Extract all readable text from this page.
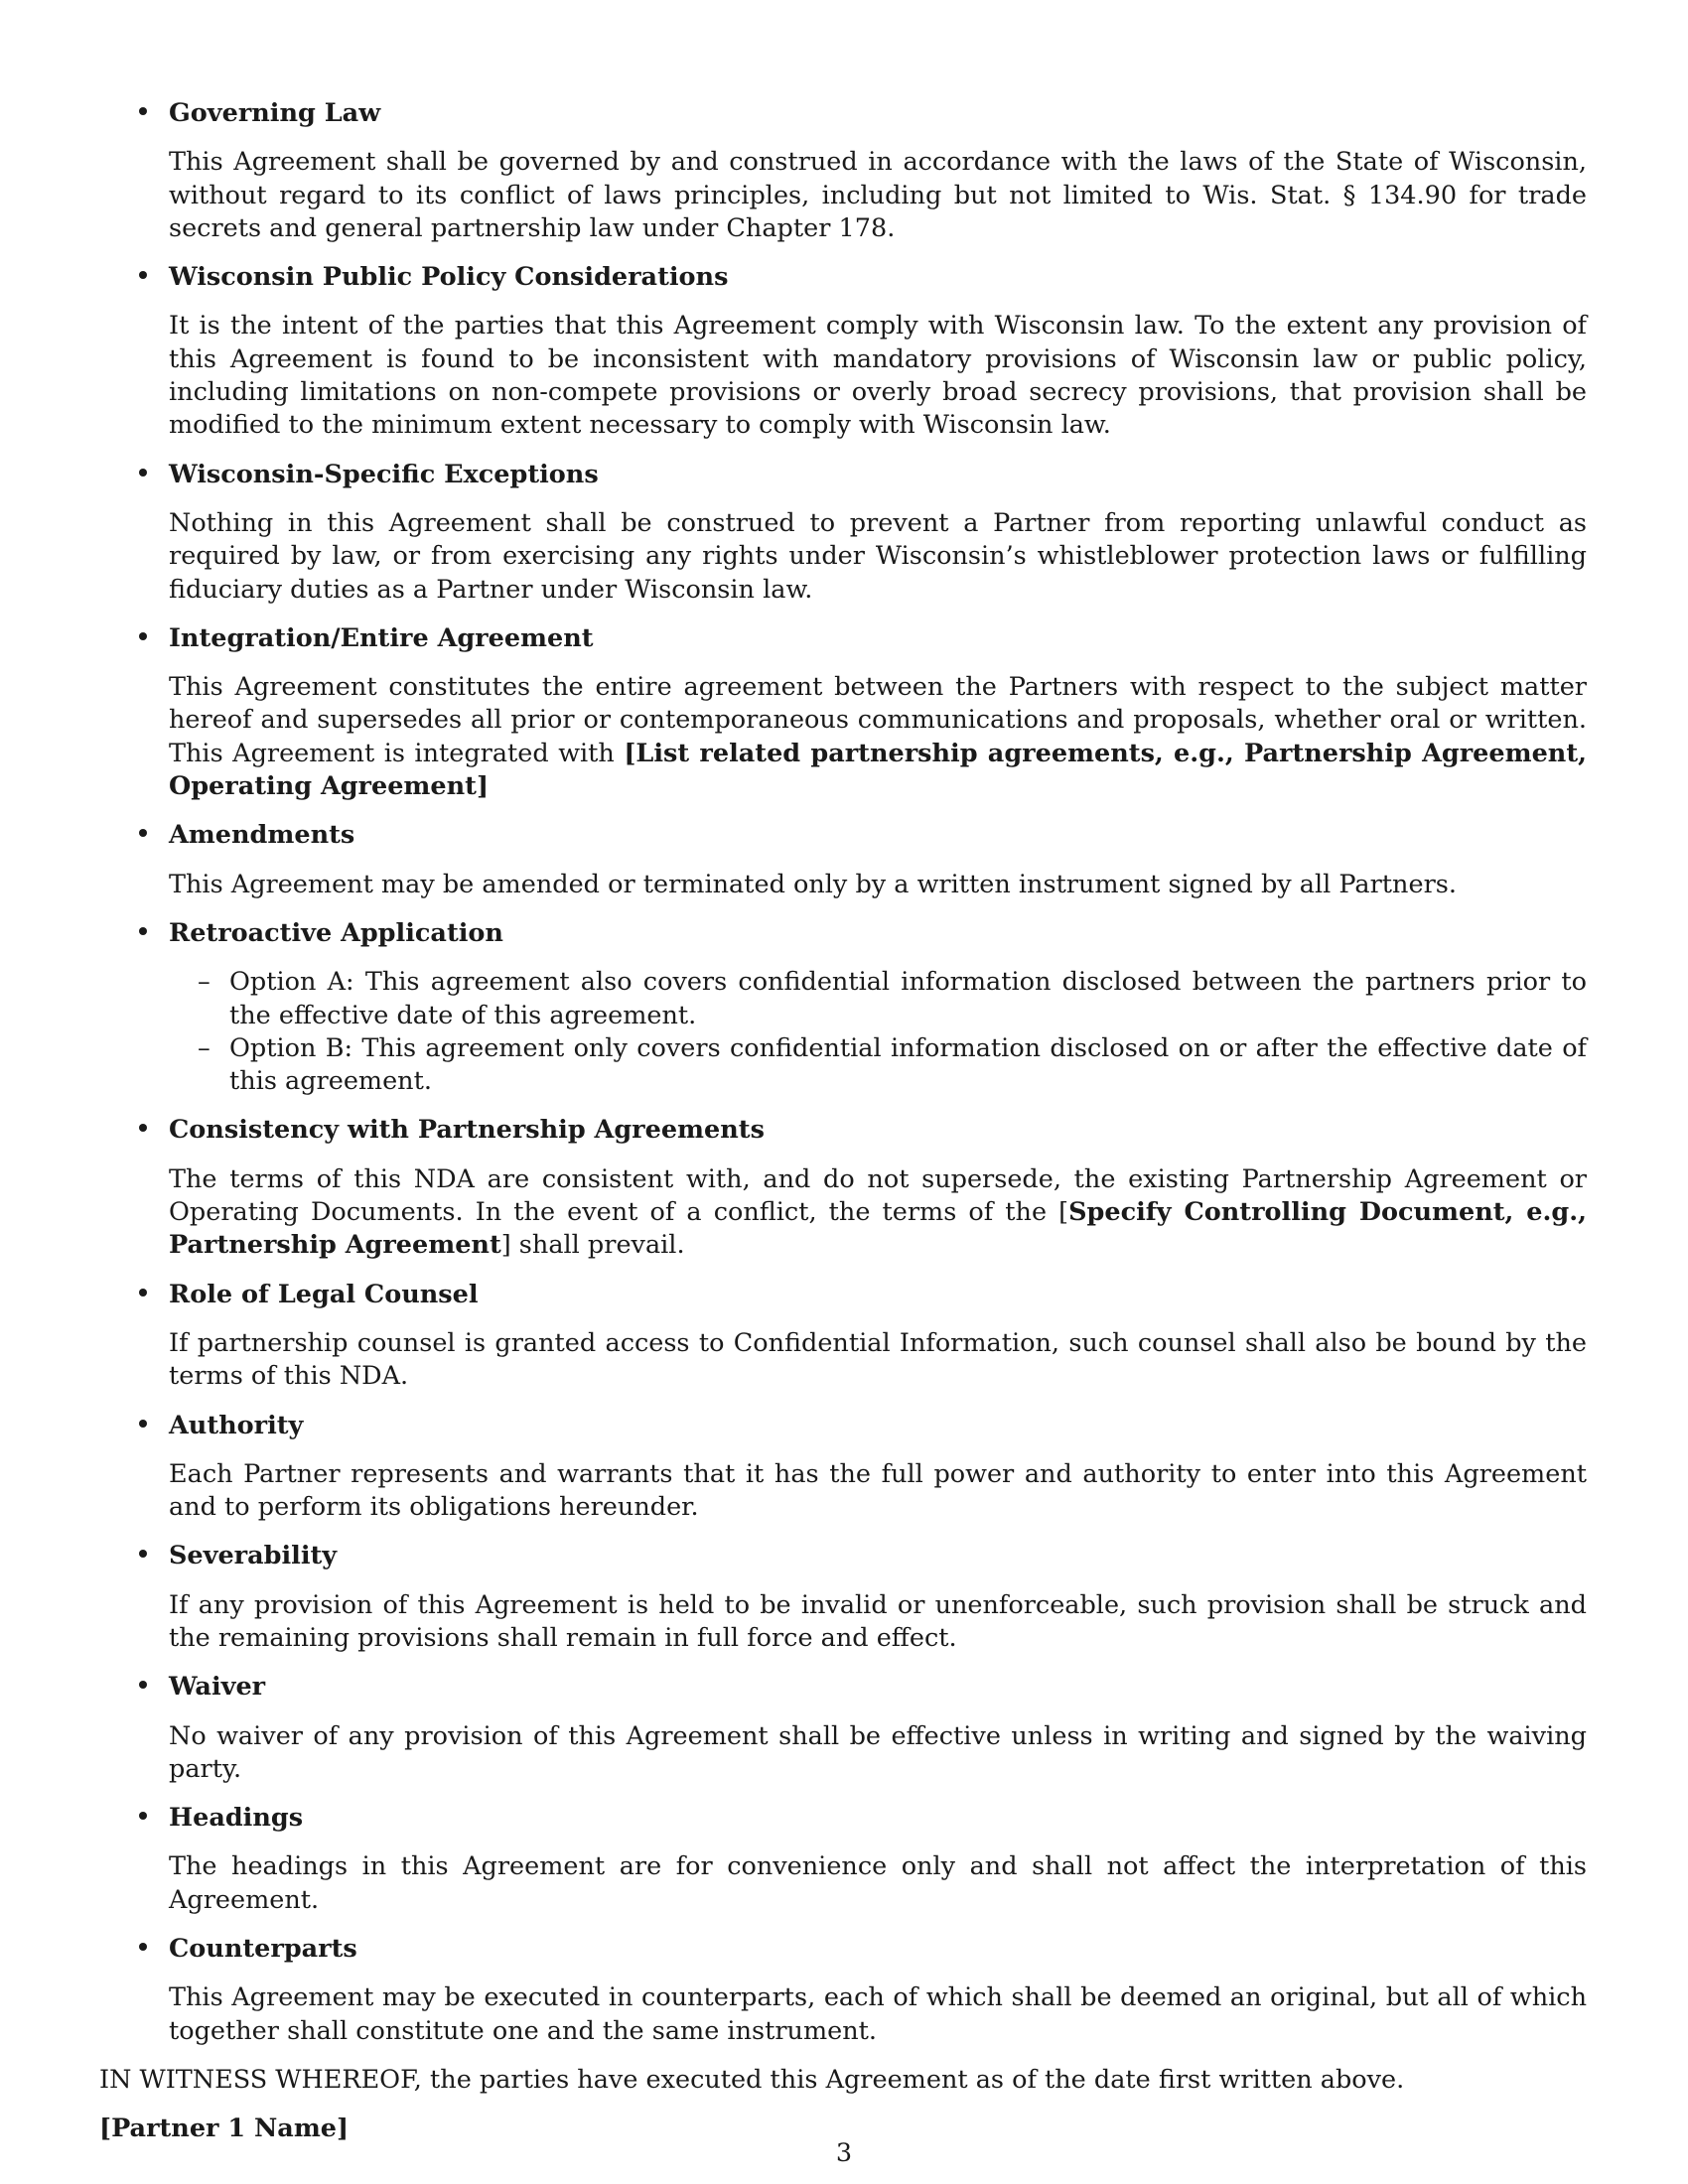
Governing Law

This Agreement shall be governed by and construed in accordance with the laws of the State of Wisconsin, without regard to its conflict of laws principles, including but not limited to Wis. Stat. § 134.90 for trade secrets and general partnership law under Chapter 178.

Wisconsin Public Policy Considerations

It is the intent of the parties that this Agreement comply with Wisconsin law. To the extent any provision of this Agreement is found to be inconsistent with mandatory provisions of Wisconsin law or public policy, including limitations on non-compete provisions or overly broad secrecy provisions, that provision shall be modified to the minimum extent necessary to comply with Wisconsin law.

Wisconsin-Specific Exceptions

Nothing in this Agreement shall be construed to prevent a Partner from reporting unlawful conduct as required by law, or from exercising any rights under Wisconsin’s whistleblower protection laws or fulfilling fiduciary duties as a Partner under Wisconsin law.

Integration/Entire Agreement

This Agreement constitutes the entire agreement between the Partners with respect to the subject matter hereof and supersedes all prior or contemporaneous communications and proposals, whether oral or written. This Agreement is integrated with [List related partnership agreements, e.g., Partnership Agreement, Operating Agreement]

Amendments

This Agreement may be amended or terminated only by a written instrument signed by all Partners.

Retroactive Application
– Option A: This agreement also covers confidential information disclosed between the partners prior to the effective date of this agreement.
– Option B: This agreement only covers confidential information disclosed on or after the effective date of this agreement.
Consistency with Partnership Agreements

The terms of this NDA are consistent with, and do not supersede, the existing Partnership Agreement or Operating Documents. In the event of a conflict, the terms of the [Specify Controlling Document, e.g., Partnership Agreement] shall prevail.

Role of Legal Counsel

If partnership counsel is granted access to Confidential Information, such counsel shall also be bound by the terms of this NDA.

Authority

Each Partner represents and warrants that it has the full power and authority to enter into this Agreement and to perform its obligations hereunder.

Severability

If any provision of this Agreement is held to be invalid or unenforceable, such provision shall be struck and the remaining provisions shall remain in full force and effect.

Waiver

No waiver of any provision of this Agreement shall be effective unless in writing and signed by the waiving party.

Headings

The headings in this Agreement are for convenience only and shall not affect the interpretation of this Agreement.

Counterparts

This Agreement may be executed in counterparts, each of which shall be deemed an original, but all of which together shall constitute one and the same instrument.

IN WITNESS WHEREOF, the parties have executed this Agreement as of the date first written above.

[Partner 1 Name]

3
